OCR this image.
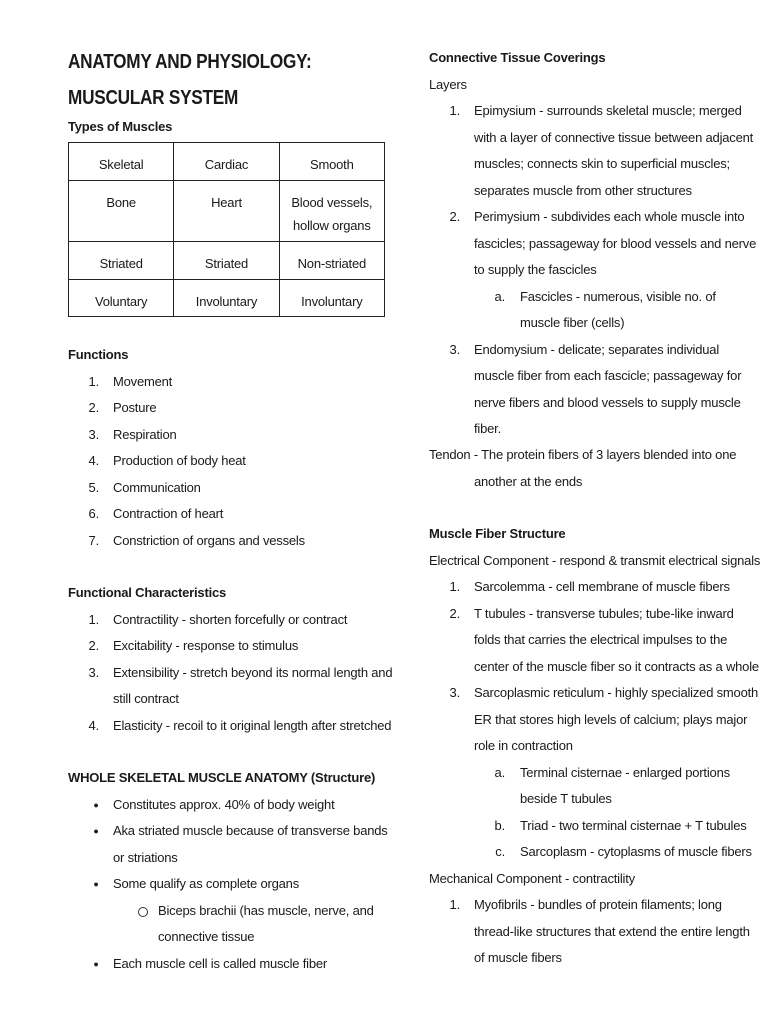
ANATOMY AND PHYSIOLOGY: MUSCULAR SYSTEM

Types of Muscles

Skeletal	Cardiac	Smooth
Bone	Heart	Blood vessels, hollow organs
Striated	Striated	Non-striated
Voluntary	Involuntary	Involuntary

Functions

1. Movement
2. Posture
3. Respiration
4. Production of body heat
5. Communication
6. Contraction of heart
7. Constriction of organs and vessels

Functional Characteristics

1. Contractility - shorten forcefully or contract
2. Excitability - response to stimulus
3. Extensibility - stretch beyond its normal length and still contract
4. Elasticity - recoil to it original length after stretched

WHOLE SKELETAL MUSCLE ANATOMY (Structure)

●	Constitutes approx. 40% of body weight
●	Aka striated muscle because of transverse bands or striations
●	Some qualify as complete organs
Biceps brachii (has muscle, nerve, and connective tissue
●	Each muscle cell is called muscle fiber

Connective Tissue Coverings

Layers
1. Epimysium - surrounds skeletal muscle; merged with a layer of connective tissue between adjacent muscles; connects skin to superficial muscles; separates muscle from other structures
2. Perimysium - subdivides each whole muscle into fascicles; passageway for blood vessels and nerve to supply the fascicles
a. Fascicles - numerous, visible no. of muscle fiber (cells)
3. Endomysium - delicate; separates individual muscle fiber from each fascicle; passageway for nerve fibers and blood vessels to supply muscle fiber.
Tendon - The protein fibers of 3 layers blended into one another at the ends

Muscle Fiber Structure

Electrical Component - respond & transmit electrical signals
1. Sarcolemma - cell membrane of muscle fibers
2. T tubules - transverse tubules; tube-like inward folds that carries the electrical impulses to the center of the muscle fiber so it contracts as a whole
3. Sarcoplasmic reticulum - highly specialized smooth ER that stores high levels of calcium; plays major role in contraction
a. Terminal cisternae - enlarged portions beside T tubules
b. Triad - two terminal cisternae + T tubules
c. Sarcoplasm - cytoplasms of muscle fibers
Mechanical Component - contractility
1. Myofibrils - bundles of protein filaments; long thread-like structures that extend the entire length of muscle fibers
